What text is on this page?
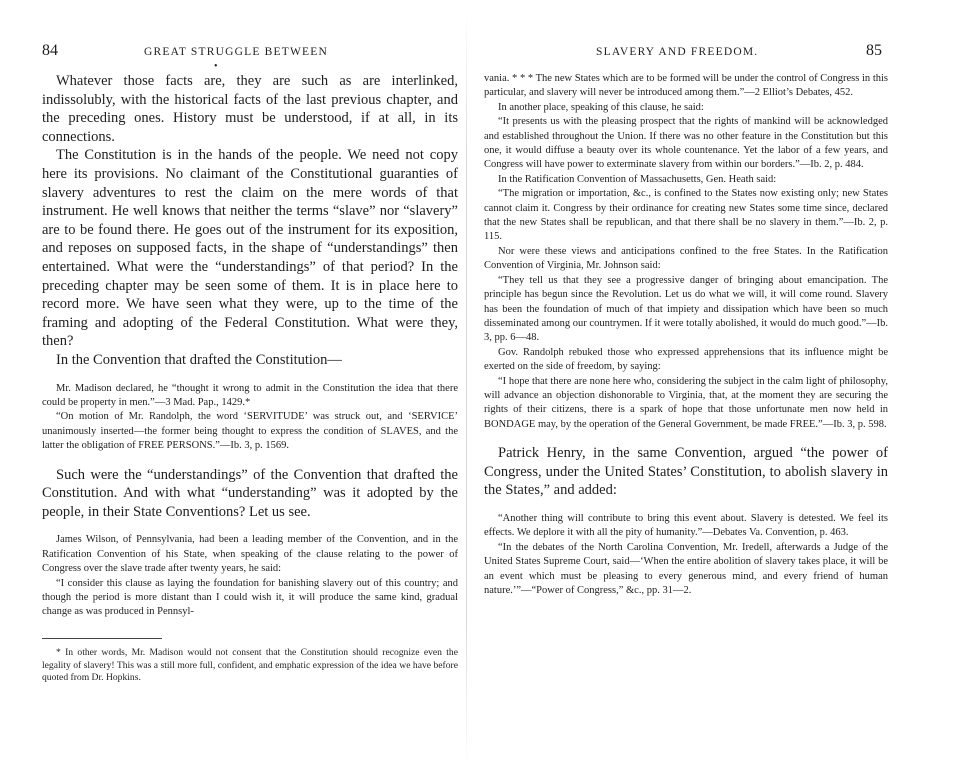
84	GREAT STRUGGLE BETWEEN
•

Whatever those facts are, they are such as are interlinked, indissolubly, with the historical facts of the last previous chapter, and the preceding ones. History must be understood, if at all, in its connections.

The Constitution is in the hands of the people. We need not copy here its provisions. No claimant of the Constitutional guaranties of slavery adventures to rest the claim on the mere words of that instrument. He well knows that neither the terms “slave” nor “slavery” are to be found there. He goes out of the instrument for its exposition, and reposes on supposed facts, in the shape of “understandings” then entertained. What were the “understandings” of that period? In the preceding chapter may be seen some of them. It is in place here to record more. We have seen what they were, up to the time of the framing and adopting of the Federal Constitution. What were they, then?

In the Convention that drafted the Constitution—

Mr. Madison declared, he “thought it wrong to admit in the Constitution the idea that there could be property in men.”—3 Mad. Pap., 1429.*

“On motion of Mr. Randolph, the word ‘SERVITUDE’ was struck out, and ‘SERVICE’ unanimously inserted—the former being thought to express the condition of SLAVES, and the latter the obligation of FREE PERSONS.”—Ib. 3, p. 1569.

Such were the “understandings” of the Convention that drafted the Constitution. And with what “understanding” was it adopted by the people, in their State Conventions? Let us see.

James Wilson, of Pennsylvania, had been a leading member of the Convention, and in the Ratification Convention of his State, when speaking of the clause relating to the power of Congress over the slave trade after twenty years, he said:

“I consider this clause as laying the foundation for banishing slavery out of this country; and though the period is more distant than I could wish it, it will produce the same kind, gradual change as was produced in Pennsyl-

* In other words, Mr. Madison would not consent that the Constitution should recognize even the legality of slavery! This was a still more full, confident, and emphatic expression of the idea we have before quoted from Dr. Hopkins.

SLAVERY AND FREEDOM.	85

vania. * * * The new States which are to be formed will be under the control of Congress in this particular, and slavery will never be introduced among them.”—2 Elliot’s Debates, 452.

In another place, speaking of this clause, he said:

“It presents us with the pleasing prospect that the rights of mankind will be acknowledged and established throughout the Union. If there was no other feature in the Constitution but this one, it would diffuse a beauty over its whole countenance. Yet the labor of a few years, and Congress will have power to exterminate slavery from within our borders.”—Ib. 2, p. 484.

In the Ratification Convention of Massachusetts, Gen. Heath said:

“The migration or importation, &c., is confined to the States now existing only; new States cannot claim it. Congress by their ordinance for creating new States some time since, declared that the new States shall be republican, and that there shall be no slavery in them.”—Ib. 2, p. 115.

Nor were these views and anticipations confined to the free States. In the Ratification Convention of Virginia, Mr. Johnson said:

“They tell us that they see a progressive danger of bringing about emancipation. The principle has begun since the Revolution. Let us do what we will, it will come round. Slavery has been the foundation of much of that impiety and dissipation which have been so much disseminated among our countrymen. If it were totally abolished, it would do much good.”—Ib. 3, pp. 6—48.

Gov. Randolph rebuked those who expressed apprehensions that its influence might be exerted on the side of freedom, by saying:

“I hope that there are none here who, considering the subject in the calm light of philosophy, will advance an objection dishonorable to Virginia, that, at the moment they are securing the rights of their citizens, there is a spark of hope that those unfortunate men now held in BONDAGE may, by the operation of the General Government, be made FREE.”—Ib. 3, p. 598.

Patrick Henry, in the same Convention, argued “the power of Congress, under the United States’ Constitution, to abolish slavery in the States,” and added:

“Another thing will contribute to bring this event about. Slavery is detested. We feel its effects. We deplore it with all the pity of humanity.”—Debates Va. Convention, p. 463.

“In the debates of the North Carolina Convention, Mr. Iredell, afterwards a Judge of the United States Supreme Court, said—‘When the entire abolition of slavery takes place, it will be an event which must be pleasing to every generous mind, and every friend of human nature.’”—“Power of Congress,” &c., pp. 31—2.
